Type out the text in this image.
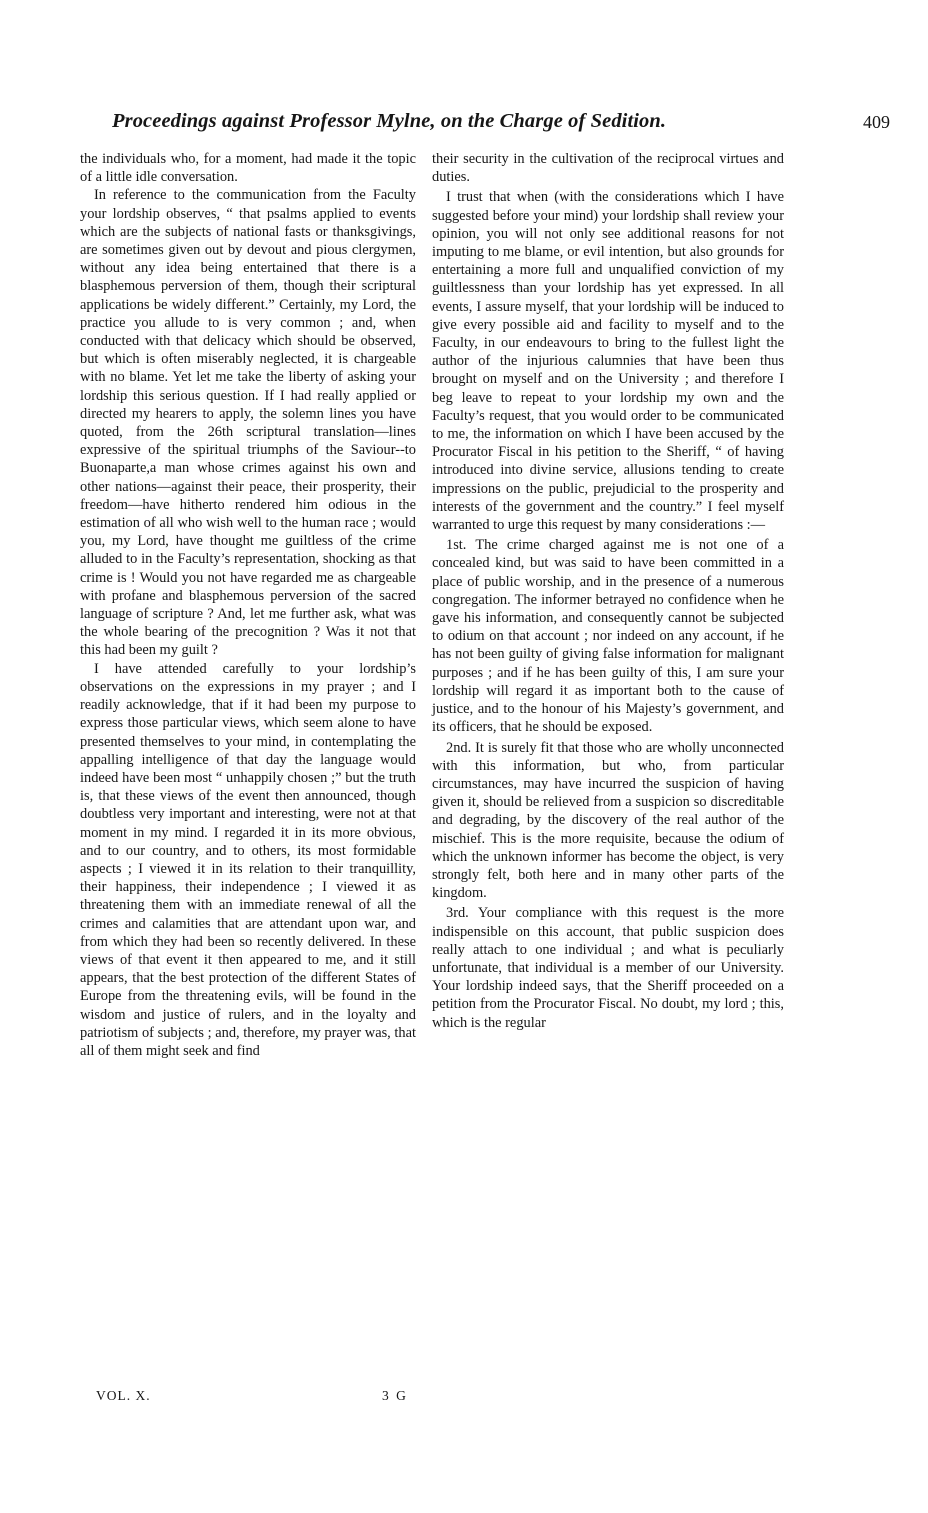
Proceedings against Professor Mylne, on the Charge of Sedition.	409

the individuals who, for a moment, had made it the topic of a little idle conversation.

In reference to the communication from the Faculty your lordship observes, “ that psalms applied to events which are the subjects of national fasts or thanksgivings, are sometimes given out by devout and pious clergymen, without any idea being entertained that there is a blasphemous perversion of them, though their scriptural applications be widely different.” Certainly, my Lord, the practice you allude to is very common ; and, when conducted with that delicacy which should be observed, but which is often miserably neglected, it is chargeable with no blame. Yet let me take the liberty of asking your lordship this serious question. If I had really applied or directed my hearers to apply, the solemn lines you have quoted, from the 26th scriptural translation—lines expressive of the spiritual triumphs of the Saviour--to Buonaparte,a man whose crimes against his own and other nations—against their peace, their prosperity, their freedom—have hitherto rendered him odious in the estimation of all who wish well to the human race ; would you, my Lord, have thought me guiltless of the crime alluded to in the Faculty’s representation, shocking as that crime is ! Would you not have regarded me as chargeable with profane and blasphemous perversion of the sacred language of scripture ? And, let me further ask, what was the whole bearing of the precognition ? Was it not that this had been my guilt ?

I have attended carefully to your lordship’s observations on the expressions in my prayer ; and I readily acknowledge, that if it had been my purpose to express those particular views, which seem alone to have presented themselves to your mind, in contemplating the appalling intelligence of that day the language would indeed have been most “ unhappily chosen ;” but the truth is, that these views of the event then announced, though doubtless very important and interesting, were not at that moment in my mind. I regarded it in its more obvious, and to our country, and to others, its most formidable aspects ; I viewed it in its relation to their tranquillity, their happiness, their independence ; I viewed it as threatening them with an immediate renewal of all the crimes and calamities that are attendant upon war, and from which they had been so recently delivered. In these views of that event it then appeared to me, and it still appears, that the best protection of the different States of Europe from the threatening evils, will be found in the wisdom and justice of rulers, and in the loyalty and patriotism of subjects ; and, therefore, my prayer was, that all of them might seek and find

their security in the cultivation of the reciprocal virtues and duties.

I trust that when (with the considerations which I have suggested before your mind) your lordship shall review your opinion, you will not only see additional reasons for not imputing to me blame, or evil intention, but also grounds for entertaining a more full and unqualified conviction of my guiltlessness than your lordship has yet expressed. In all events, I assure myself, that your lordship will be induced to give every possible aid and facility to myself and to the Faculty, in our endeavours to bring to the fullest light the author of the injurious calumnies that have been thus brought on myself and on the University ; and therefore I beg leave to repeat to your lordship my own and the Faculty’s request, that you would order to be communicated to me, the information on which I have been accused by the Procurator Fiscal in his petition to the Sheriff, “ of having introduced into divine service, allusions tending to create impressions on the public, prejudicial to the prosperity and interests of the government and the country.” I feel myself warranted to urge this request by many considerations :—

1st. The crime charged against me is not one of a concealed kind, but was said to have been committed in a place of public worship, and in the presence of a numerous congregation. The informer betrayed no confidence when he gave his information, and consequently cannot be subjected to odium on that account ; nor indeed on any account, if he has not been guilty of giving false information for malignant purposes ; and if he has been guilty of this, I am sure your lordship will regard it as important both to the cause of justice, and to the honour of his Majesty’s government, and its officers, that he should be exposed.

2nd. It is surely fit that those who are wholly unconnected with this information, but who, from particular circumstances, may have incurred the suspicion of having given it, should be relieved from a suspicion so discreditable and degrading, by the discovery of the real author of the mischief. This is the more requisite, because the odium of which the unknown informer has become the object, is very strongly felt, both here and in many other parts of the kingdom.

3rd. Your compliance with this request is the more indispensible on this account, that public suspicion does really attach to one individual ; and what is peculiarly unfortunate, that individual is a member of our University. Your lordship indeed says, that the Sheriff proceeded on a petition from the Procurator Fiscal. No doubt, my lord ; this, which is the regular

VOL. X.	3 G
